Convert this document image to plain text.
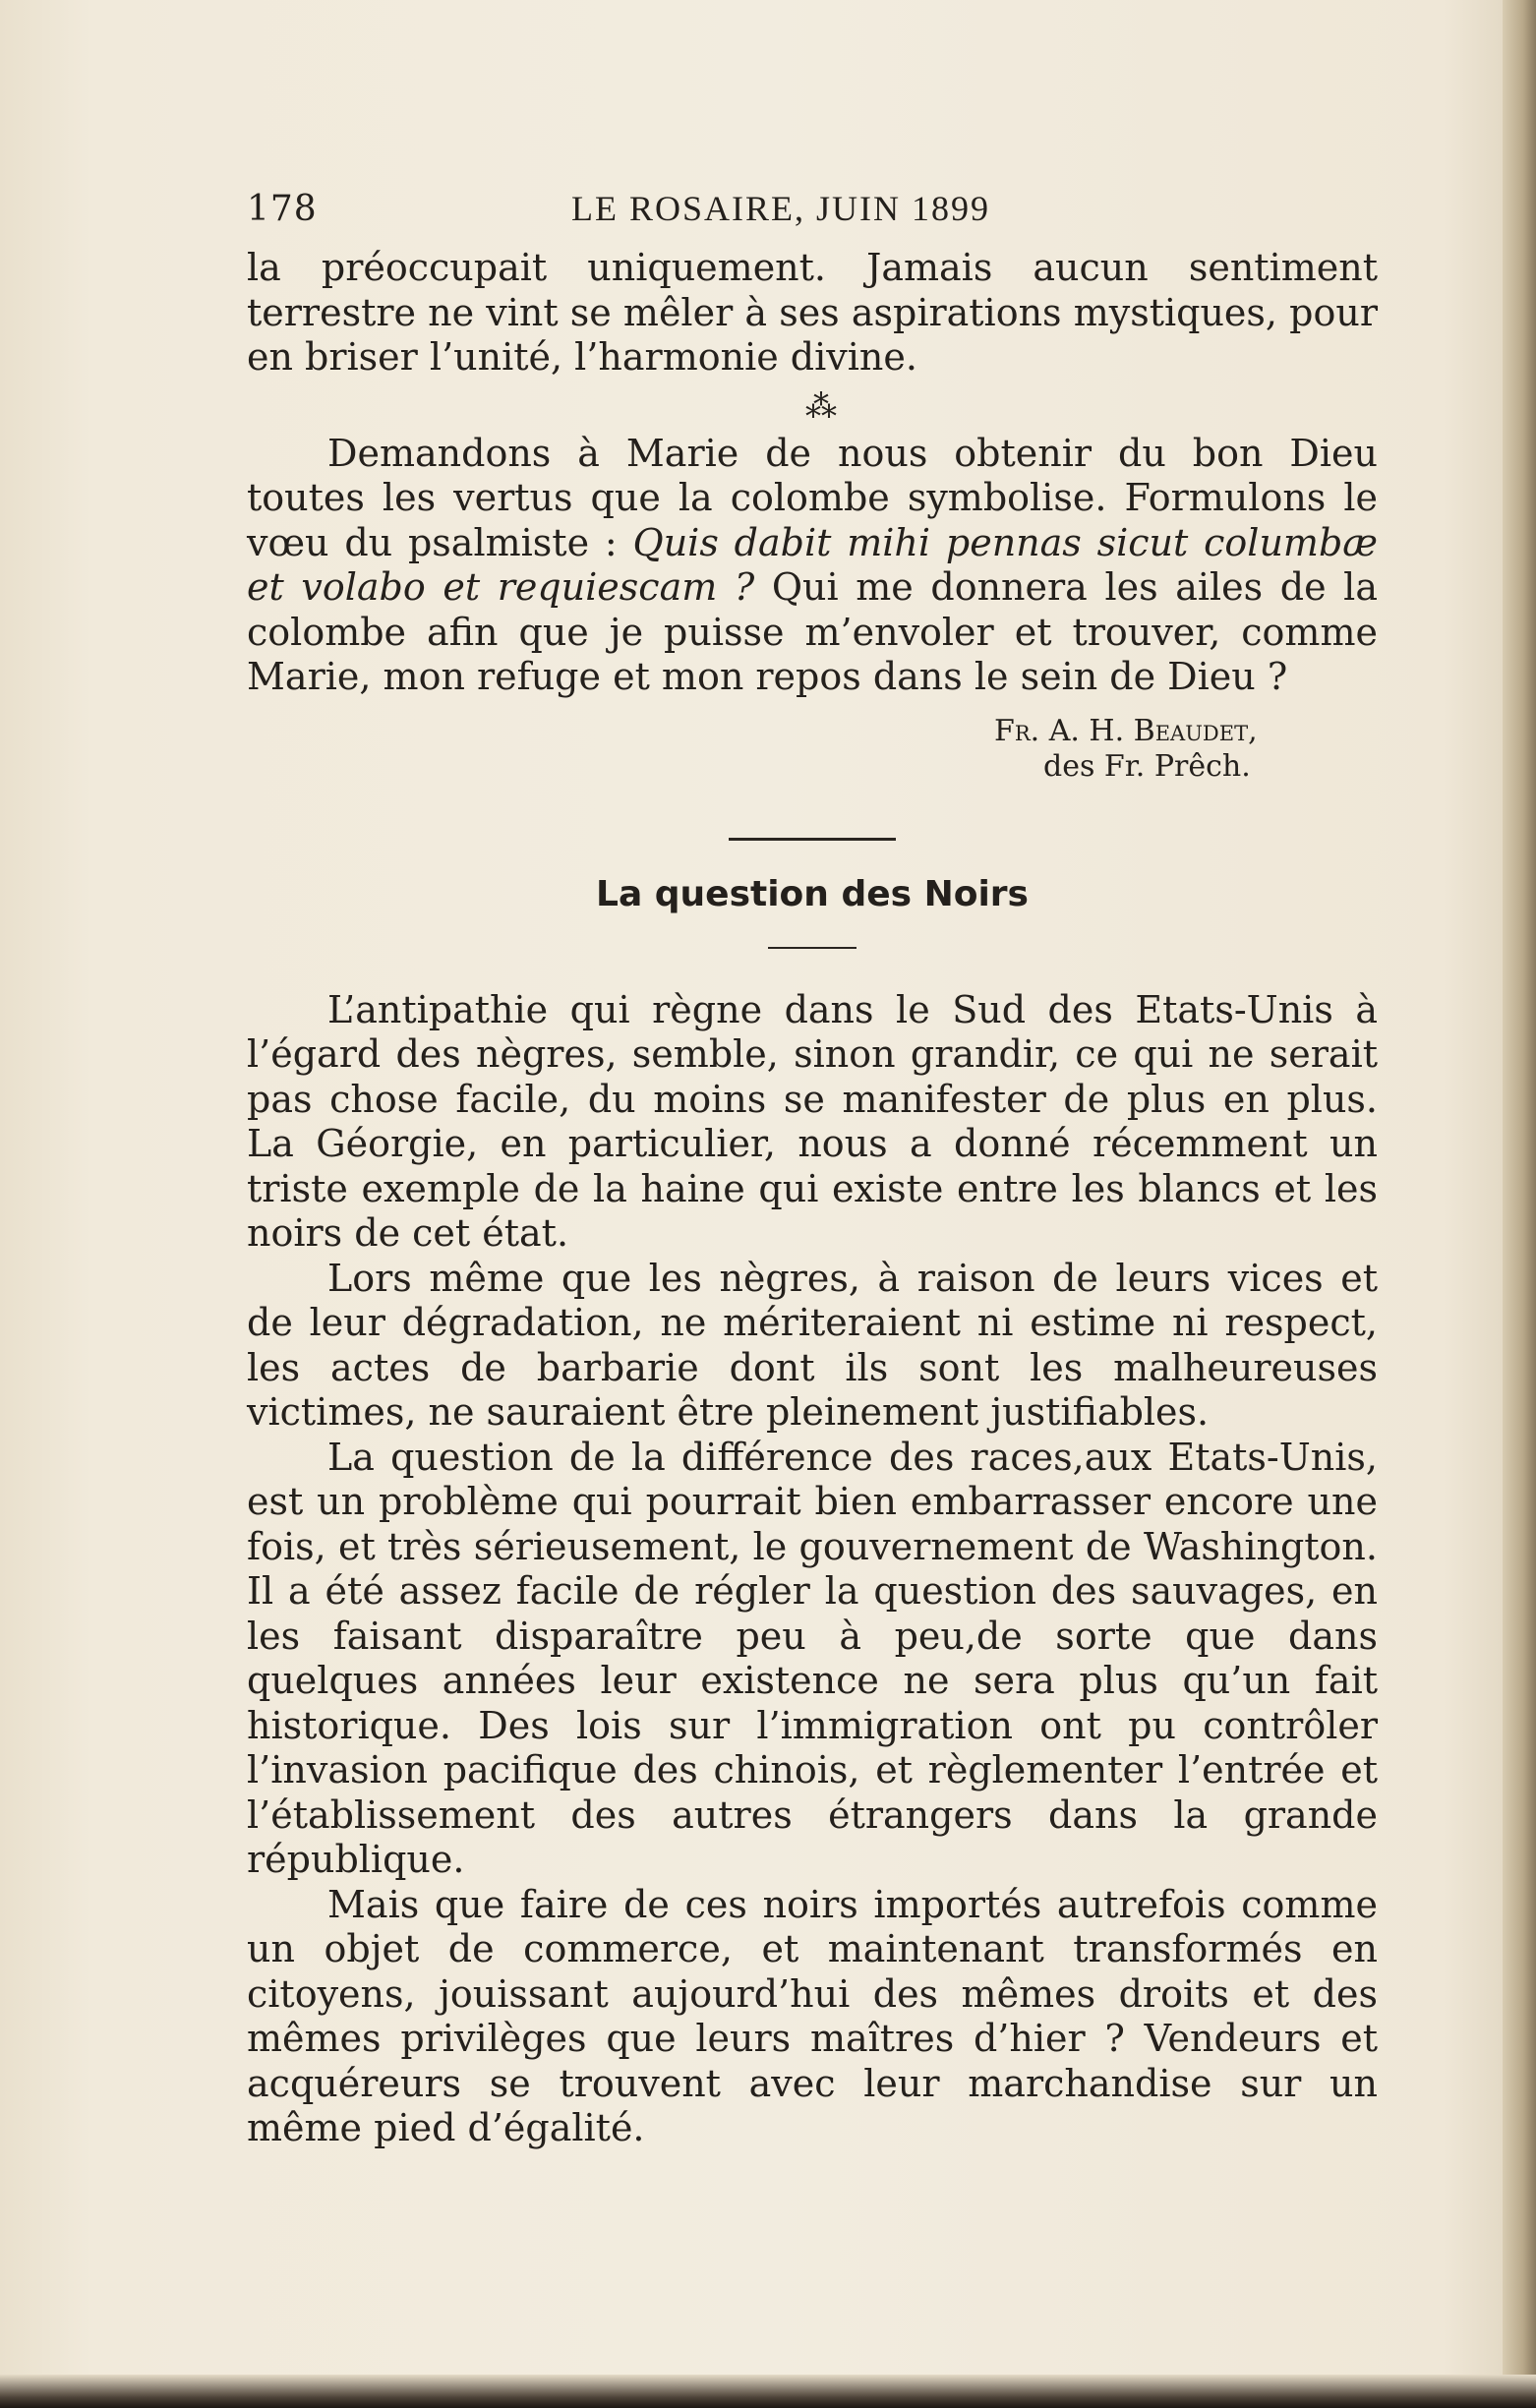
178	LE ROSAIRE, JUIN 1899

la préoccupait uniquement. Jamais aucun sentiment terrestre ne vint se mêler à ses aspirations mystiques, pour en briser l’unité, l’harmonie divine.

⁂

Demandons à Marie de nous obtenir du bon Dieu toutes les vertus que la colombe symbolise. Formulons le vœu du psalmiste : Quis dabit mihi pennas sicut columbæ et volabo et requiescam ? Qui me donnera les ailes de la colombe afin que je puisse m’envoler et trouver, comme Marie, mon refuge et mon repos dans le sein de Dieu ?

Fr. A. H. Beaudet,
des Fr. Prêch.
La question des Noirs

L’antipathie qui règne dans le Sud des Etats-Unis à l’égard des nègres, semble, sinon grandir, ce qui ne serait pas chose facile, du moins se manifester de plus en plus. La Géorgie, en particulier, nous a donné récemment un triste exemple de la haine qui existe entre les blancs et les noirs de cet état.

Lors même que les nègres, à raison de leurs vices et de leur dégradation, ne mériteraient ni estime ni respect, les actes de barbarie dont ils sont les malheureuses victimes, ne sauraient être pleinement justifiables.

La question de la différence des races,aux Etats-Unis, est un problème qui pourrait bien embarrasser encore une fois, et très sérieusement, le gouvernement de Washington. Il a été assez facile de régler la question des sauvages, en les faisant disparaître peu à peu,de sorte que dans quelques années leur existence ne sera plus qu’un fait historique. Des lois sur l’immigration ont pu contrôler l’invasion pacifique des chinois, et règlementer l’entrée et l’établissement des autres étrangers dans la grande république.

Mais que faire de ces noirs importés autrefois comme un objet de commerce, et maintenant transformés en citoyens, jouissant aujourd’hui des mêmes droits et des mêmes privilèges que leurs maîtres d’hier ? Vendeurs et acquéreurs se trouvent avec leur marchandise sur un même pied d’égalité.
